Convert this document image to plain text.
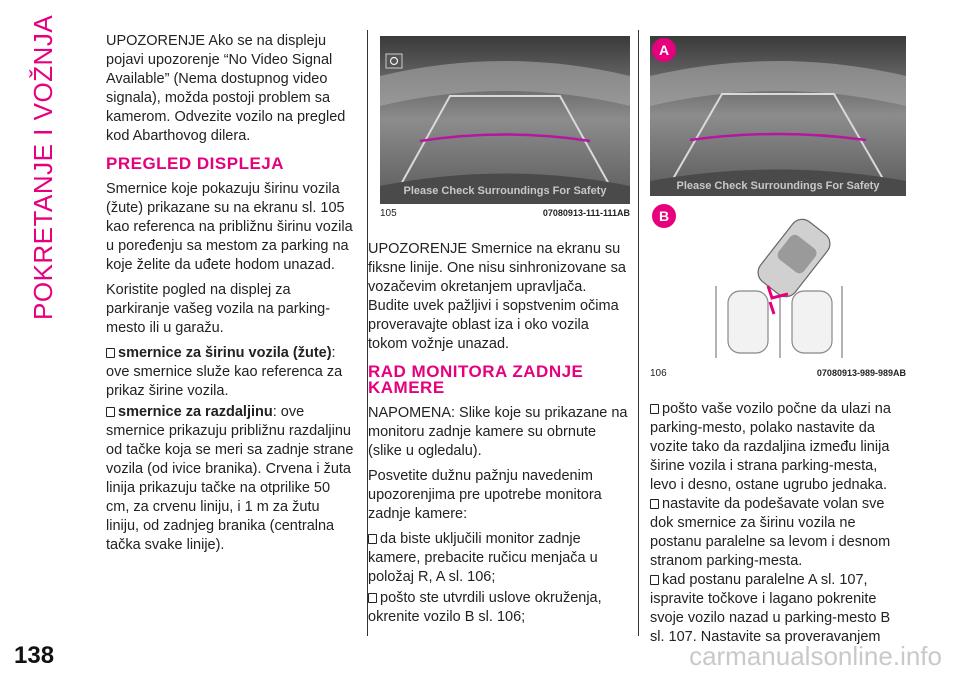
POKRETANJE I VOŽNJA	UPOZORENJE Ako se na displeju pojavi upozorenje “No Video Signal Available” (Nema dostupnog video signala), možda postoji problem sa kamerom. Odvezite vozilo na pregled kod Abarthovog dilera.

PREGLED DISPLEJA

Smernice koje pokazuju širinu vozila (žute) prikazane su na ekranu sl. 105 kao referenca na približnu širinu vozila u poređenju sa mestom za parking na koje želite da uđete hodom unazad.

Koristite pogled na displej za parkiranje vašeg vozila na parking-mesto ili u garažu.

smernice za širinu vozila (žute): ove smernice služe kao referenca za prikaz širine vozila.

smernice za razdaljinu: ove smernice prikazuju približnu razdaljinu od tačke koja se meri sa zadnje strane vozila (od ivice branika). Crvena i žuta linija prikazuju tačke na otprilike 50 cm, za crvenu liniju, i 1 m za žutu liniju, od zadnjeg branika (centralna tačka svake linije).

Please Check Surroundings For Safety
105	07080913-111-111AB

UPOZORENJE Smernice na ekranu su fiksne linije. One nisu sinhronizovane sa vozačevim okretanjem upravljača. Budite uvek pažljivi i sopstvenim očima proveravajte oblast iza i oko vozila tokom vožnje unazad.

RAD MONITORA ZADNJE KAMERE

NAPOMENA: Slike koje su prikazane na monitoru zadnje kamere su obrnute (slike u ogledalu).

Posvetite dužnu pažnju navedenim upozorenjima pre upotrebe monitora zadnje kamere:

da biste uključili monitor zadnje kamere, prebacite ručicu menjača u položaj R, A sl. 106;

pošto ste utvrdili uslove okruženja, okrenite vozilo B sl. 106;

A
Please Check Surroundings For Safety
B
106	07080913-989-989AB

pošto vaše vozilo počne da ulazi na parking-mesto, polako nastavite da vozite tako da razdaljina između linija širine vozila i strana parking-mesta, levo i desno, ostane ugrubo jednaka.

nastavite da podešavate volan sve dok smernice za širinu vozila ne postanu paralelne sa levom i desnom stranom parking-mesta.

kad postanu paralelne A sl. 107, ispravite točkove i lagano pokrenite svoje vozilo nazad u parking-mesto B sl. 107. Nastavite sa proveravanjem

138	carmanualsonline.info
